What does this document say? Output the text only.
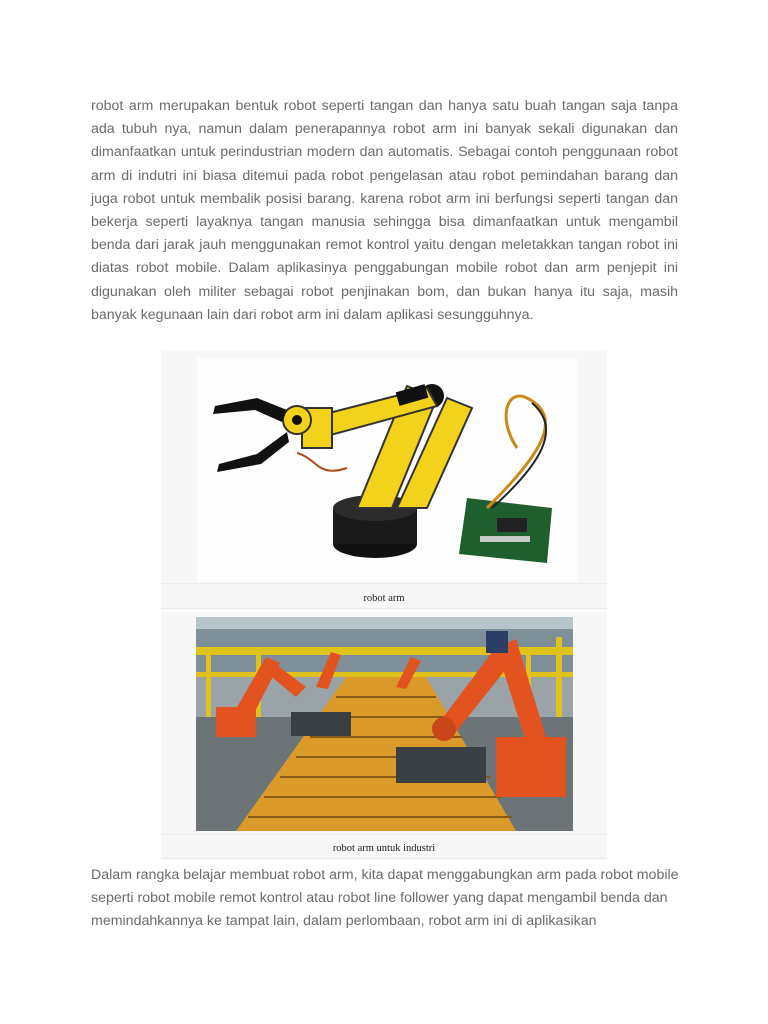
robot arm merupakan bentuk robot seperti tangan dan hanya satu buah tangan saja tanpa ada tubuh nya, namun dalam penerapannya robot arm ini banyak sekali digunakan dan dimanfaatkan untuk perindustrian modern dan automatis. Sebagai contoh penggunaan robot arm di indutri ini biasa ditemui pada robot pengelasan atau robot pemindahan barang dan juga robot untuk membalik posisi barang. karena robot arm ini berfungsi seperti tangan dan bekerja seperti layaknya tangan manusia sehingga bisa dimanfaatkan untuk mengambil benda dari jarak jauh menggunakan remot kontrol yaitu dengan meletakkan tangan robot ini diatas robot mobile. Dalam aplikasinya penggabungan mobile robot dan arm penjepit ini digunakan oleh militer sebagai robot penjinakan bom, dan bukan hanya itu saja, masih banyak kegunaan lain dari robot arm ini dalam aplikasi sesungguhnya.

robot arm
robot arm untuk industri

Dalam rangka belajar membuat robot arm, kita dapat menggabungkan arm pada robot mobile seperti robot mobile remot kontrol atau robot line follower yang dapat mengambil benda dan memindahkannya ke tampat lain, dalam perlombaan, robot arm ini di aplikasikan
